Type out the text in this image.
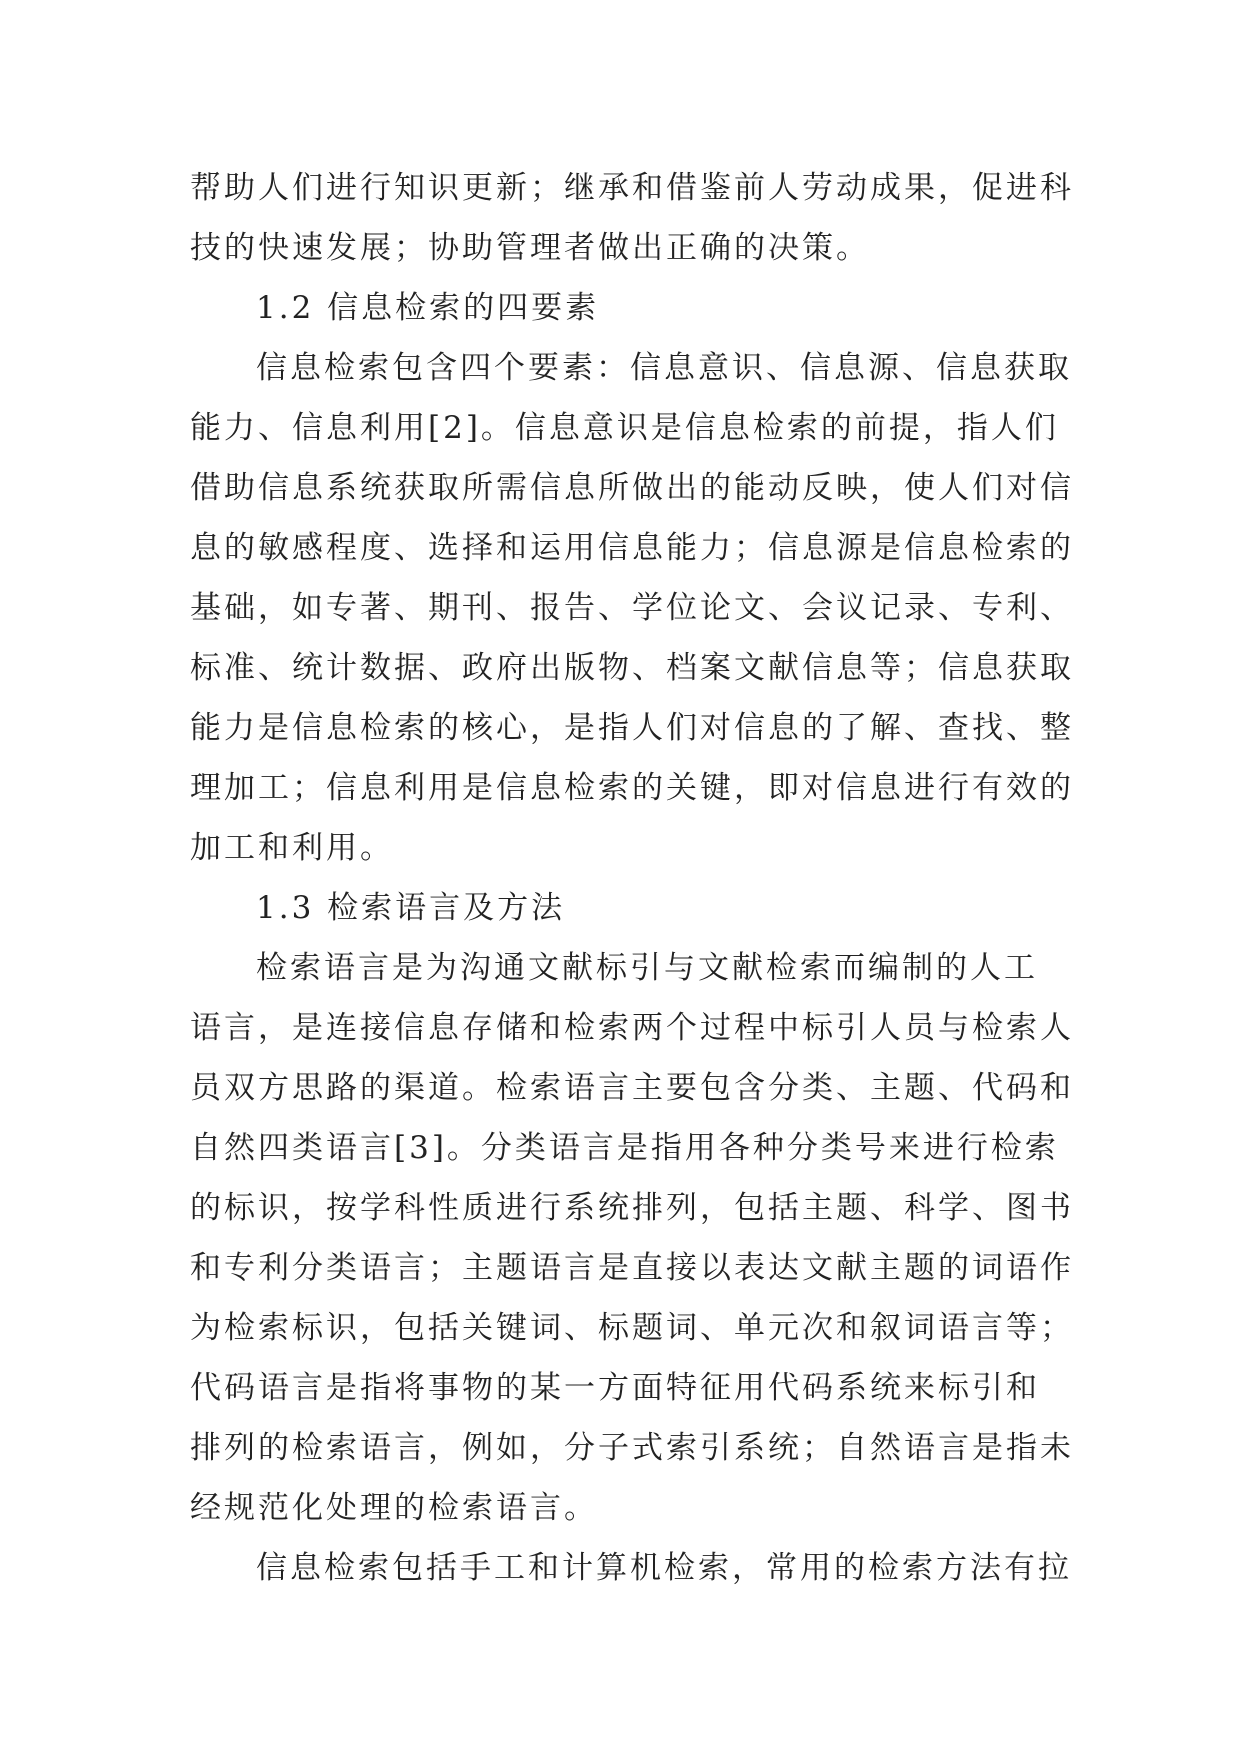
帮助人们进行知识更新；继承和借鉴前人劳动成果，促进科
技的快速发展；协助管理者做出正确的决策。
1.2 信息检索的四要素
信息检索包含四个要素：信息意识、信息源、信息获取
能力、信息利用[2]。信息意识是信息检索的前提，指人们
借助信息系统获取所需信息所做出的能动反映，使人们对信
息的敏感程度、选择和运用信息能力；信息源是信息检索的
基础，如专著、期刊、报告、学位论文、会议记录、专利、
标准、统计数据、政府出版物、档案文献信息等；信息获取
能力是信息检索的核心，是指人们对信息的了解、查找、整
理加工；信息利用是信息检索的关键，即对信息进行有效的
加工和利用。
1.3 检索语言及方法
检索语言是为沟通文献标引与文献检索而编制的人工
语言，是连接信息存储和检索两个过程中标引人员与检索人
员双方思路的渠道。检索语言主要包含分类、主题、代码和
自然四类语言[3]。分类语言是指用各种分类号来进行检索
的标识，按学科性质进行系统排列，包括主题、科学、图书
和专利分类语言；主题语言是直接以表达文献主题的词语作
为检索标识，包括关键词、标题词、单元次和叙词语言等；
代码语言是指将事物的某一方面特征用代码系统来标引和
排列的检索语言，例如，分子式索引系统；自然语言是指未
经规范化处理的检索语言。
信息检索包括手工和计算机检索，常用的检索方法有拉
